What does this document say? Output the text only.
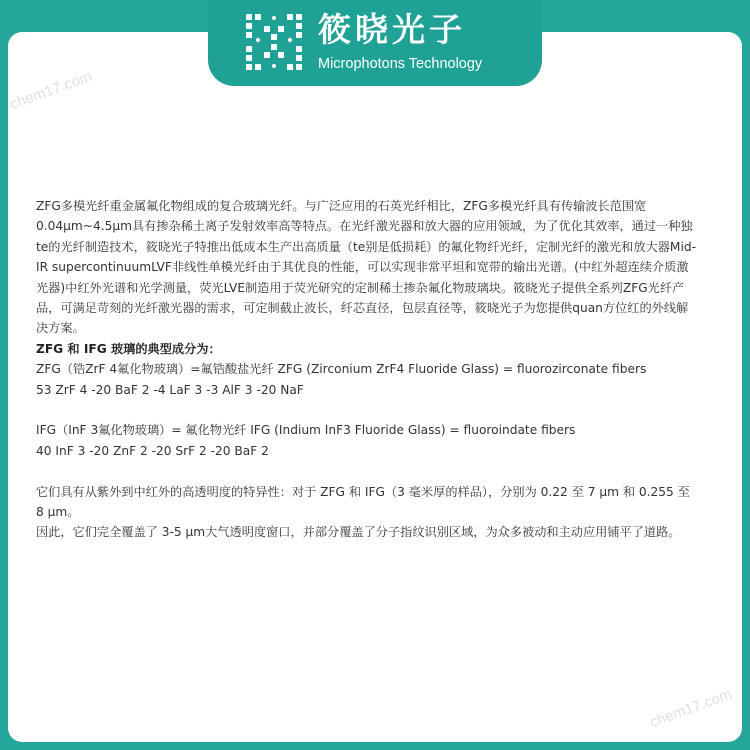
筱晓光子
Microphotons Technology
chem17.com
chem17.com

ZFG多模光纤重金属氟化物组成的复合玻璃光纤。与广泛应用的石英光纤相比，ZFG多模光纤具有传输波长范围宽0.04μm~4.5μm具有掺杂稀土离子发射效率高等特点。在光纤激光器和放大器的应用领域，为了优化其效率，通过一种独te的光纤制造技术，筱晓光子特推出低成本生产出高质量（te别是低损耗）的氟化物纤光纤，定制光纤的激光和放大器Mid-IR supercontinuumLVF非线性单模光纤由于其优良的性能，可以实现非常平坦和宽带的输出光谱。(中红外超连续介质激光器)中红外光谱和光学测量，荧光LVE制造用于荧光研究的定制稀土掺杂氟化物玻璃块。筱晓光子提供全系列ZFG光纤产品，可满足苛刻的光纤激光器的需求，可定制截止波长，纤芯直径，包层直径等，筱晓光子为您提供quan方位红的外线解决方案。

ZFG 和 IFG 玻璃的典型成分为：

ZFG（锆ZrF 4氟化物玻璃）=氟锆酸盐光纤 ZFG (Zirconium ZrF4 Fluoride Glass) = fluorozirconate fibers

53 ZrF 4 -20 BaF 2 -4 LaF 3 -3 AlF 3 -20 NaF

IFG（InF 3氟化物玻璃）= 氟化物光纤 IFG (Indium InF3 Fluoride Glass) = fluoroindate fibers

40 InF 3 -20 ZnF 2 -20 SrF 2 -20 BaF 2

它们具有从紫外到中红外的高透明度的特异性：对于 ZFG 和 IFG（3 毫米厚的样品），分别为 0.22 至 7 μm 和 0.255 至 8 μm。

因此，它们完全覆盖了 3-5 μm大气透明度窗口，并部分覆盖了分子指纹识别区域，为众多被动和主动应用铺平了道路。
